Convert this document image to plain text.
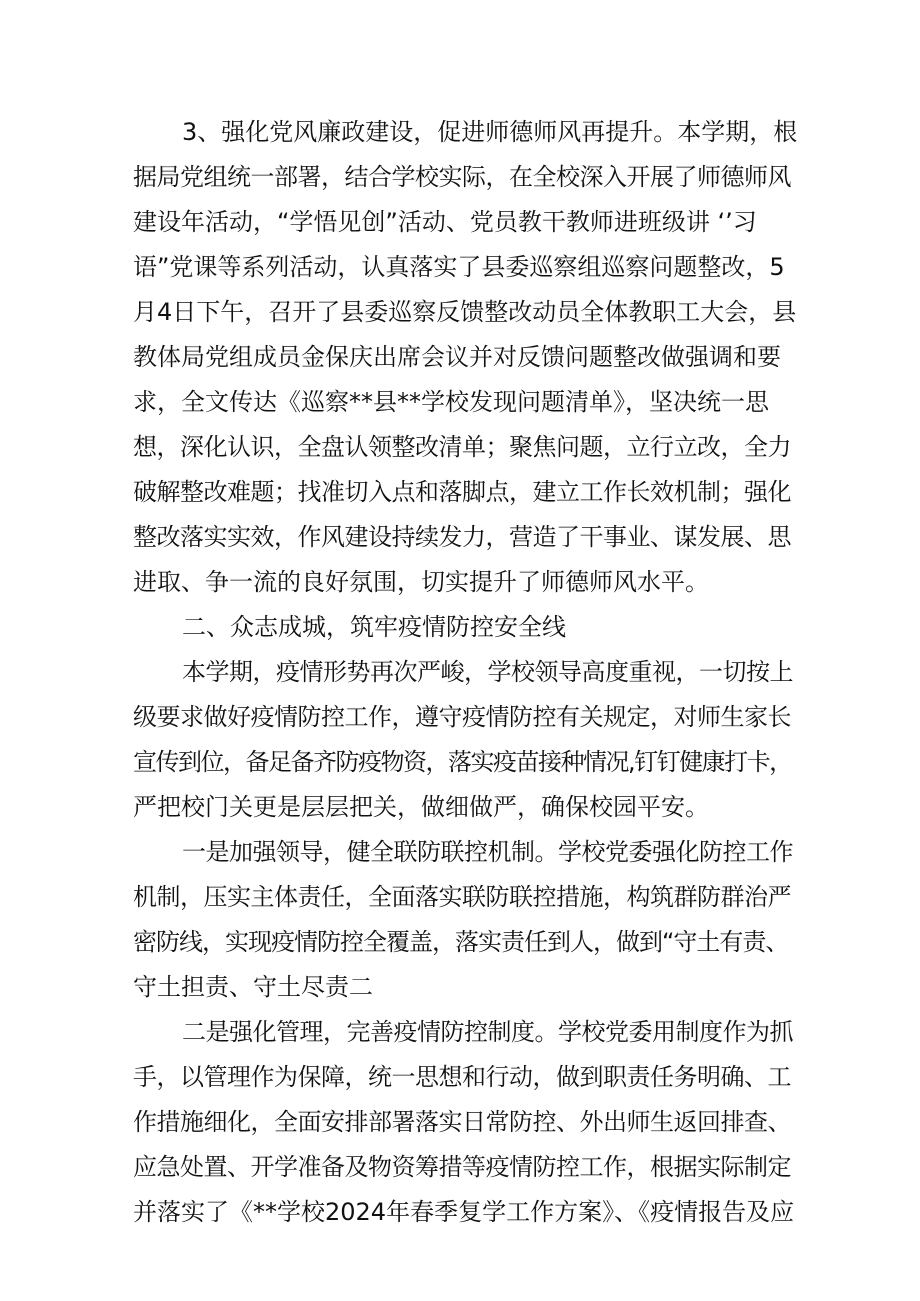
3、强化党风廉政建设，促进师德师风再提升。本学期，根
据局党组统一部署，结合学校实际，在全校深入开展了师德师风
建设年活动，“学悟见创”活动、党员教干教师进班级讲 ‘’习
语”党课等系列活动，认真落实了县委巡察组巡察问题整改，5
月4日下午，召开了县委巡察反馈整改动员全体教职工大会，县
教体局党组成员金保庆出席会议并对反馈问题整改做强调和要
求，全文传达《巡察**县**学校发现问题清单》，坚决统一思
想，深化认识，全盘认领整改清单；聚焦问题，立行立改，全力
破解整改难题；找准切入点和落脚点，建立工作长效机制；强化
整改落实实效，作风建设持续发力，营造了干事业、谋发展、思
进取、争一流的良好氛围，切实提升了师德师风水平。
二、众志成城，筑牢疫情防控安全线
本学期，疫情形势再次严峻，学校领导高度重视，一切按上
级要求做好疫情防控工作，遵守疫情防控有关规定，对师生家长
宣传到位，备足备齐防疫物资，落实疫苗接种情况,钉钉健康打卡，
严把校门关更是层层把关，做细做严，确保校园平安。
一是加强领导，健全联防联控机制。学校党委强化防控工作
机制，压实主体责任，全面落实联防联控措施，构筑群防群治严
密防线，实现疫情防控全覆盖，落实责任到人，做到“守土有责、
守土担责、守土尽责二
二是强化管理，完善疫情防控制度。学校党委用制度作为抓
手，以管理作为保障，统一思想和行动，做到职责任务明确、工
作措施细化，全面安排部署落实日常防控、外出师生返回排查、
应急处置、开学准备及物资筹措等疫情防控工作，根据实际制定
并落实了《**学校2024年春季复学工作方案》、《疫情报告及应
